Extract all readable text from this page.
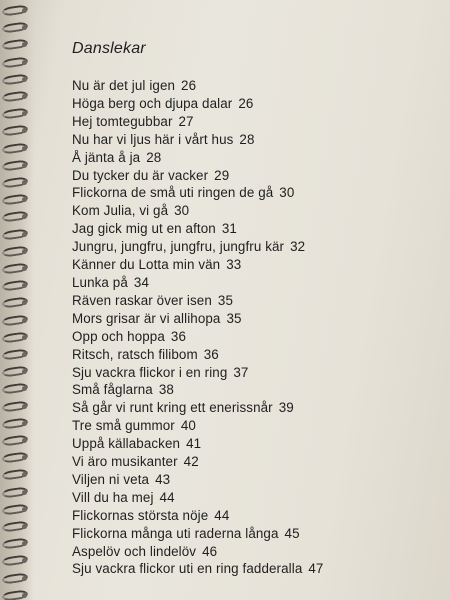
Danslekar
Nu är det jul igen 26
Höga berg och djupa dalar 26
Hej tomtegubbar 27
Nu har vi ljus här i vårt hus 28
Å jänta å ja 28
Du tycker du är vacker 29
Flickorna de små uti ringen de gå 30
Kom Julia, vi gå 30
Jag gick mig ut en afton 31
Jungru, jungfru, jungfru, jungfru kär 32
Känner du Lotta min vän 33
Lunka på 34
Räven raskar över isen 35
Mors grisar är vi allihopa 35
Opp och hoppa 36
Ritsch, ratsch filibom 36
Sju vackra flickor i en ring 37
Små fåglarna 38
Så går vi runt kring ett enerissnår 39
Tre små gummor 40
Uppå källabacken 41
Vi äro musikanter 42
Viljen ni veta 43
Vill du ha mej 44
Flickornas största nöje 44
Flickorna många uti raderna långa 45
Aspelöv och lindelöv 46
Sju vackra flickor uti en ring fadderalla 47
